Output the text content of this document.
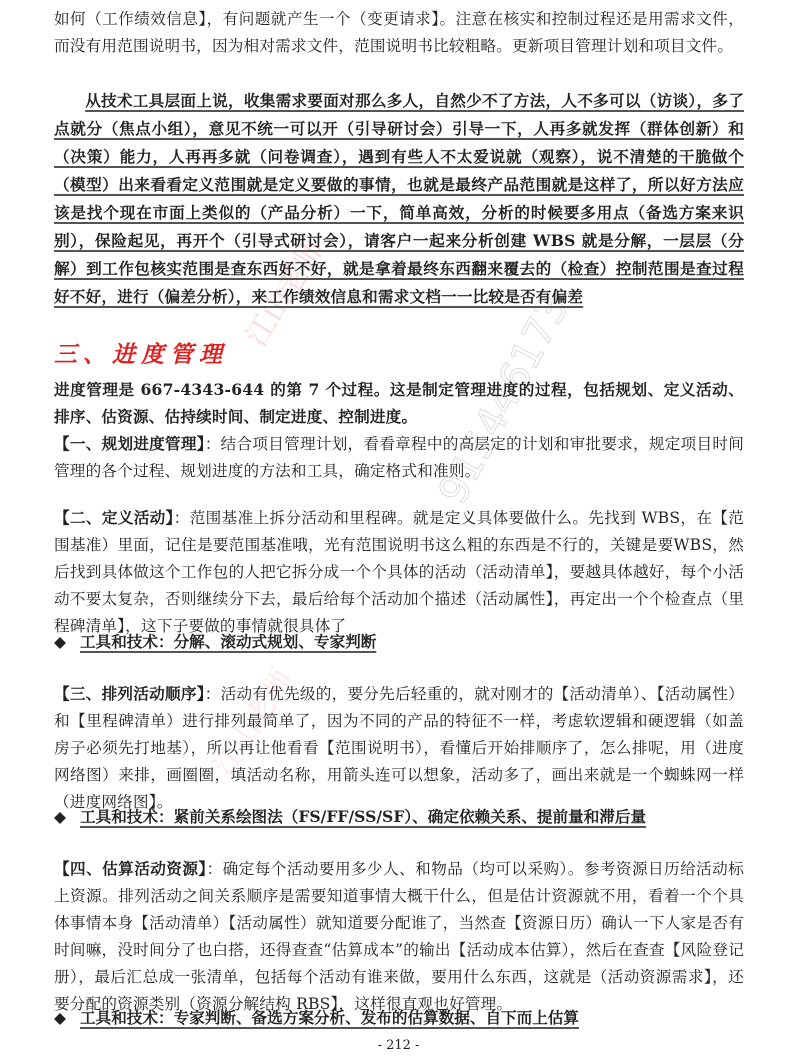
江山老师 915446173
江山老师

如何（工作绩效信息】，有问题就产生一个（变更请求】。注意在核实和控制过程还是用需求文件，而没有用范围说明书，因为相对需求文件，范围说明书比较粗略。更新项目管理计划和项目文件。

从技术工具层面上说，收集需求要面对那么多人，自然少不了方法，人不多可以（访谈），多了点就分（焦点小组），意见不统一可以开（引导研讨会）引导一下，人再多就发挥（群体创新）和（决策）能力，人再再多就（问卷调查），遇到有些人不太爱说就（观察），说不清楚的干脆做个（模型）出来看看定义范围就是定义要做的事情，也就是最终产品范围就是这样了，所以好方法应该是找个现在市面上类似的（产品分析）一下，简单高效，分析的时候要多用点（备选方案来识别），保险起见，再开个（引导式研讨会），请客户一起来分析创建 WBS 就是分解，一层层（分解）到工作包核实范围是查东西好不好，就是拿着最终东西翻来覆去的（检查）控制范围是查过程好不好，进行（偏差分析），来工作绩效信息和需求文档一一比较是否有偏差

三、进度管理

进度管理是 667-4343-644 的第 7 个过程。这是制定管理进度的过程，包括规划、定义活动、排序、估资源、估持续时间、制定进度、控制进度。

【一、规划进度管理】：结合项目管理计划，看看章程中的高层定的计划和审批要求，规定项目时间管理的各个过程、规划进度的方法和工具，确定格式和准则。

【二、定义活动】：范围基准上拆分活动和里程碑。就是定义具体要做什么。先找到 WBS，在【范围基准）里面，记住是要范围基准哦，光有范围说明书这么粗的东西是不行的，关键是要WBS，然后找到具体做这个工作包的人把它拆分成一个个具体的活动（活动清单】，要越具体越好，每个小活动不要太复杂，否则继续分下去，最后给每个活动加个描述（活动属性】，再定出一个个检查点（里程碑清单】，这下子要做的事情就很具体了

◆ 工具和技术：分解、滚动式规划、专家判断

【三、排列活动顺序】：活动有优先级的，要分先后轻重的，就对刚才的【活动清单）、【活动属性）和【里程碑清单）进行排列最简单了，因为不同的产品的特征不一样，考虑软逻辑和硬逻辑（如盖房子必须先打地基），所以再让他看看【范围说明书），看懂后开始排顺序了，怎么排呢，用（进度网络图）来排，画圈圈，填活动名称，用箭头连可以想象，活动多了，画出来就是一个蜘蛛网一样（进度网络图】。

◆ 工具和技术：紧前关系绘图法（FS/FF/SS/SF）、确定依赖关系、提前量和滞后量

【四、估算活动资源】：确定每个活动要用多少人、和物品（均可以采购）。参考资源日历给活动标上资源。排列活动之间关系顺序是需要知道事情大概干什么，但是估计资源就不用，看着一个个具体事情本身【活动清单）【活动属性）就知道要分配谁了，当然查【资源日历）确认一下人家是否有时间嘛，没时间分了也白搭，还得查查“估算成本”的输出【活动成本估算），然后在查查【风险登记册），最后汇总成一张清单，包括每个活动有谁来做，要用什么东西，这就是（活动资源需求】，还要分配的资源类别（资源分解结构 RBS】，这样很直观也好管理。

◆ 工具和技术：专家判断、备选方案分析、发布的估算数据、自下而上估算
- 212 -
